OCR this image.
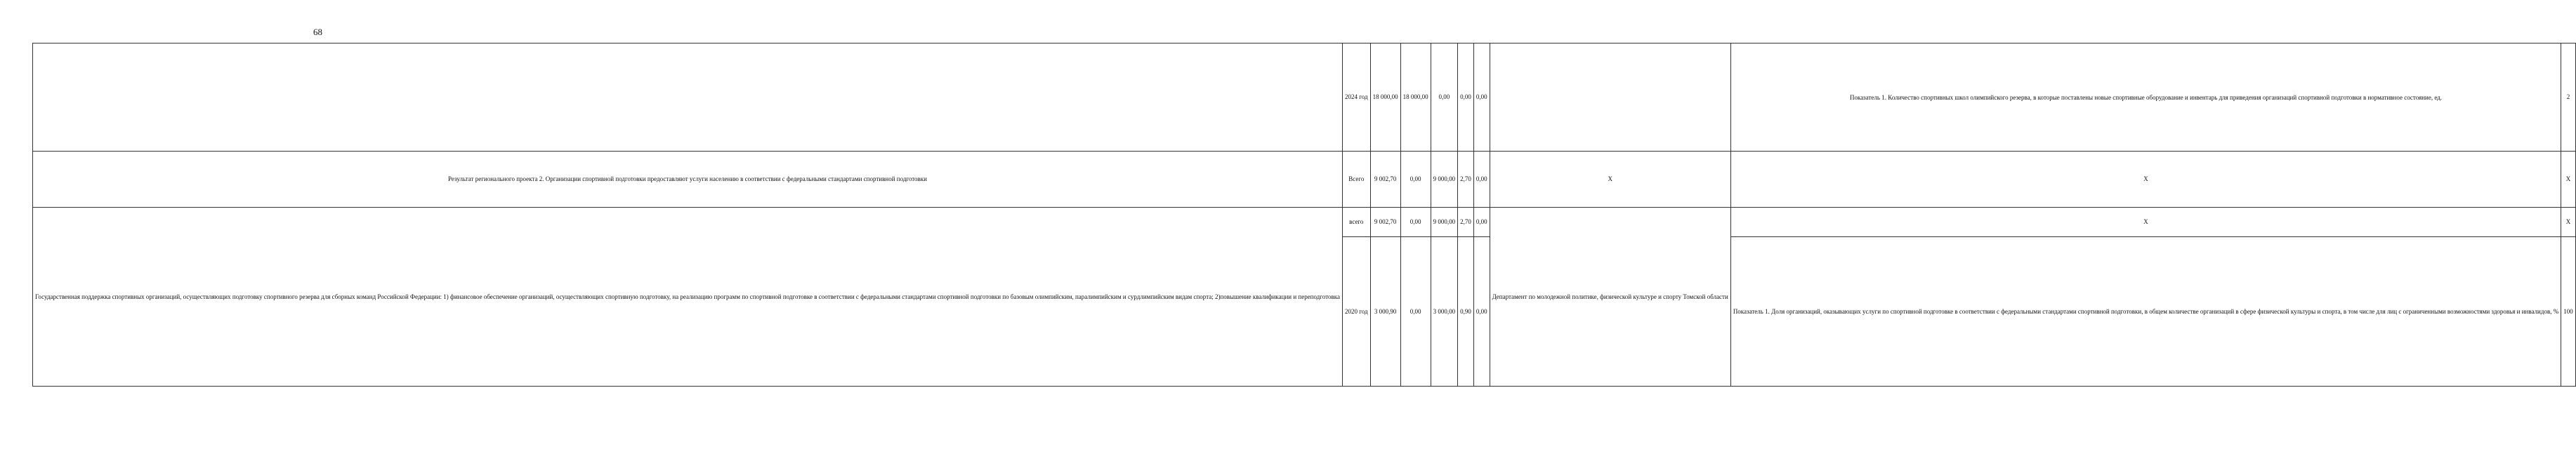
68
	2024 год	18 000,00	18 000,00	0,00	0,00	0,00		Показатель 1. Количество спортивных школ олимпийского резерва, в которые поставлены новые спортивные оборудование и инвентарь для приведения организаций спортивной подготовки в нормативное состояние, ед.	2
Результат регионального проекта 2. Организации спортивной подготовки предоставляют услуги населению в соответствии с федеральными стандартами спортивной подготовки	Всего	9 002,70	0,00	9 000,00	2,70	0,00	X	X	X
Государственная поддержка спортивных организаций, осуществляющих подготовку спортивного резерва для сборных команд Российской Федерации: 1) финансовое обеспечение организаций, осуществляющих спортивную подготовку, на реализацию программ по спортивной подготовке в соответствии с федеральными стандартами спортивной подготовки по базовым олимпийским, паралимпийским и сурдлимпийским видам спорта; 2)повышение квалификации и переподготовка	всего	9 002,70	0,00	9 000,00	2,70	0,00	Департамент по молодежной политике, физической культуре и спорту Томской области	X	X
	2020 год	3 000,90	0,00	3 000,00	0,90	0,00		Показатель 1. Доля организаций, оказывающих услуги по спортивной подготовке в соответствии с федеральными стандартами спортивной подготовки, в общем количестве организаций в сфере физической культуры и спорта, в том числе для лиц с ограниченными возможностями здоровья и инвалидов, %	100
